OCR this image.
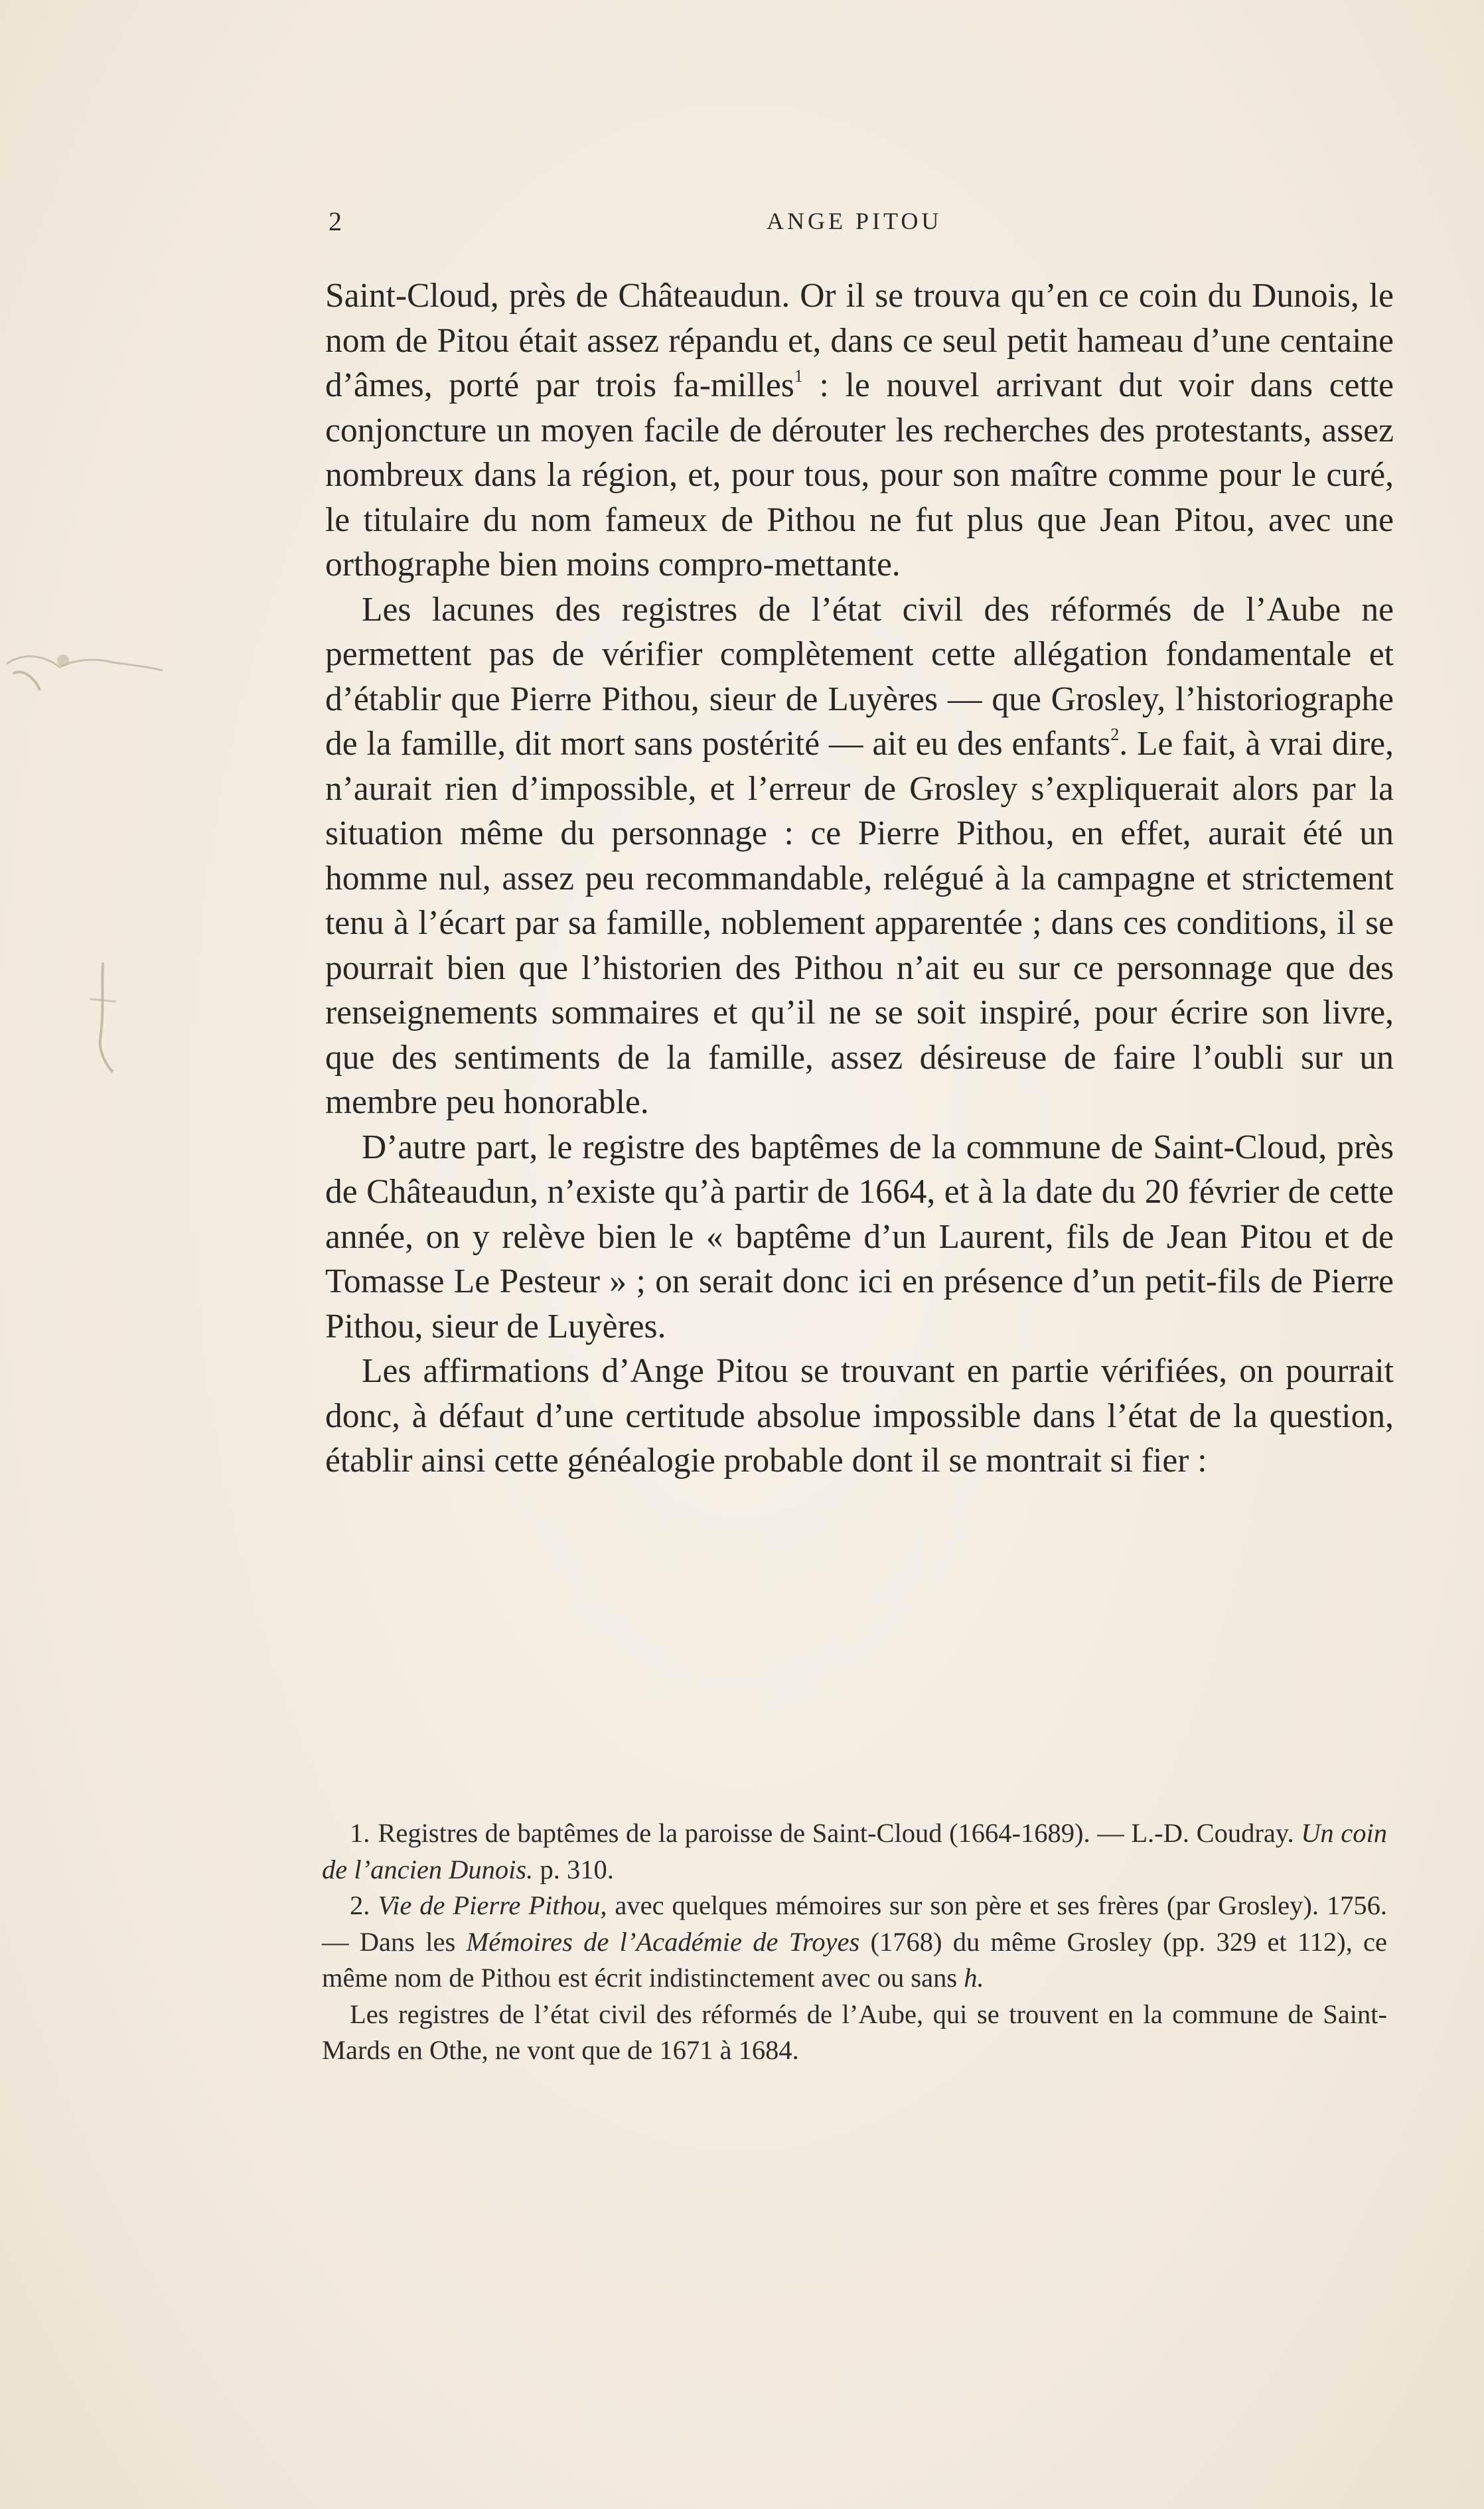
2	ANGE PITOU

Saint-Cloud, près de Châteaudun. Or il se trouva qu’en ce coin du Dunois, le nom de Pitou était assez répandu et, dans ce seul petit hameau d’une centaine d’âmes, porté par trois fa-milles$^1$ : le nouvel arrivant dut voir dans cette conjoncture un moyen facile de dérouter les recherches des protestants, assez nombreux dans la région, et, pour tous, pour son maître comme pour le curé, le titulaire du nom fameux de Pithou ne fut plus que Jean Pitou, avec une orthographe bien moins compro-mettante.

Les lacunes des registres de l’état civil des réformés de l’Aube ne permettent pas de vérifier complètement cette allégation fondamentale et d’établir que Pierre Pithou, sieur de Luyères — que Grosley, l’historiographe de la famille, dit mort sans postérité — ait eu des enfants$^2$. Le fait, à vrai dire, n’aurait rien d’impossible, et l’erreur de Grosley s’expliquerait alors par la situation même du personnage : ce Pierre Pithou, en effet, aurait été un homme nul, assez peu recommandable, relégué à la campagne et strictement tenu à l’écart par sa famille, noblement apparentée ; dans ces conditions, il se pourrait bien que l’historien des Pithou n’ait eu sur ce personnage que des renseignements sommaires et qu’il ne se soit inspiré, pour écrire son livre, que des sentiments de la famille, assez désireuse de faire l’oubli sur un membre peu honorable.

D’autre part, le registre des baptêmes de la commune de Saint-Cloud, près de Châteaudun, n’existe qu’à partir de 1664, et à la date du 20 février de cette année, on y relève bien le « baptême d’un Laurent, fils de Jean Pitou et de Tomasse Le Pesteur » ; on serait donc ici en présence d’un petit-fils de Pierre Pithou, sieur de Luyères.

Les affirmations d’Ange Pitou se trouvant en partie vérifiées, on pourrait donc, à défaut d’une certitude absolue impossible dans l’état de la question, établir ainsi cette généalogie probable dont il se montrait si fier :

1. Registres de baptêmes de la paroisse de Saint-Cloud (1664-1689). — L.-D. Coudray. Un coin de l’ancien Dunois. p. 310.

2. Vie de Pierre Pithou, avec quelques mémoires sur son père et ses frères (par Grosley). 1756. — Dans les Mémoires de l’Académie de Troyes (1768) du même Grosley (pp. 329 et 112), ce même nom de Pithou est écrit indistinctement avec ou sans h.

Les registres de l’état civil des réformés de l’Aube, qui se trouvent en la commune de Saint-Mards en Othe, ne vont que de 1671 à 1684.
